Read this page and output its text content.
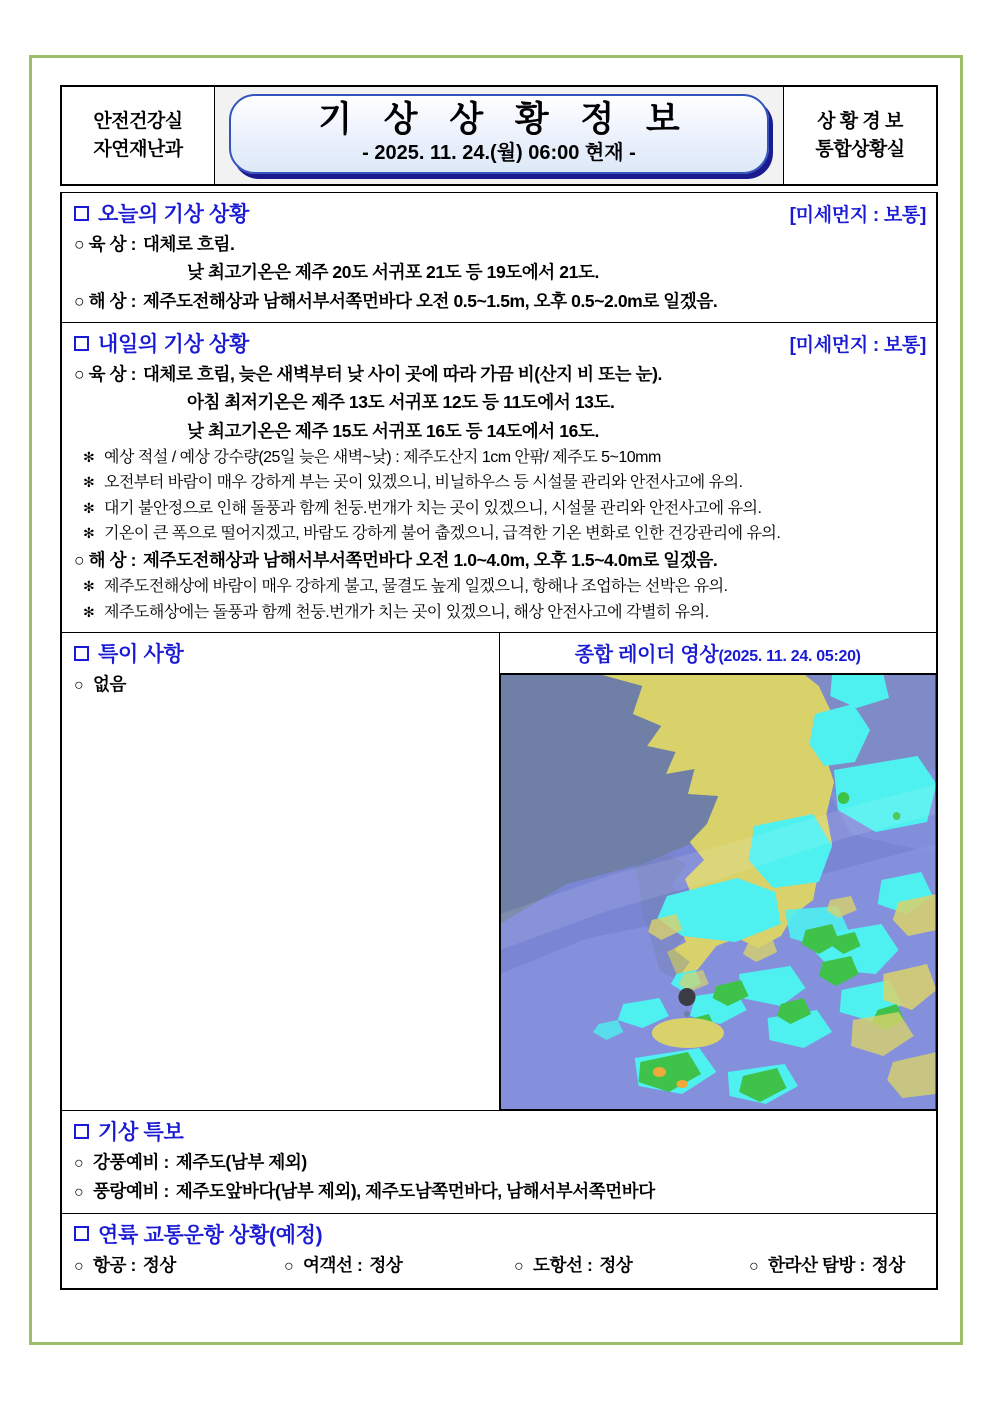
안전건강실
자연재난과

기 상 상 황 정 보
- 2025. 11. 24.(월) 06:00 현재 -
	상 황 경 보
통합상황실
오늘의 기상 상황	[미세먼지 : 보통]
○ 육 상 : 대체로 흐림.
낮 최고기온은 제주 20도 서귀포 21도 등 19도에서 21도.
○ 해 상 : 제주도전해상과 남해서부서쪽먼바다 오전 0.5~1.5m, 오후 0.5~2.0m로 일겠음.

내일의 기상 상황	[미세먼지 : 보통]
○ 육 상 : 대체로 흐림, 늦은 새벽부터 낮 사이 곳에 따라 가끔 비(산지 비 또는 눈).
아침 최저기온은 제주 13도 서귀포 12도 등 11도에서 13도.
낮 최고기온은 제주 15도 서귀포 16도 등 14도에서 16도.
✻ 예상 적설 / 예상 강수량(25일 늦은 새벽~낮) : 제주도산지 1cm 안팎/ 제주도 5~10mm
✻ 오전부터 바람이 매우 강하게 부는 곳이 있겠으니, 비닐하우스 등 시설물 관리와 안전사고에 유의.
✻ 대기 불안정으로 인해 돌풍과 함께 천둥.번개가 치는 곳이 있겠으니, 시설물 관리와 안전사고에 유의.
✻ 기온이 큰 폭으로 떨어지겠고, 바람도 강하게 불어 춥겠으니, 급격한 기온 변화로 인한 건강관리에 유의.
○ 해 상 : 제주도전해상과 남해서부서쪽먼바다 오전 1.0~4.0m, 오후 1.5~4.0m로 일겠음.
✻ 제주도전해상에 바람이 매우 강하게 불고, 물결도 높게 일겠으니, 항해나 조업하는 선박은 유의.
✻ 제주도해상에는 돌풍과 함께 천둥.번개가 치는 곳이 있겠으니, 해상 안전사고에 각별히 유의.

특이 사항
○ 없음

종합 레이더 영상(2025. 11. 24. 05:20)

기상 특보
○ 강풍예비 : 제주도(남부 제외)
○ 풍랑예비 : 제주도앞바다(남부 제외), 제주도남쪽먼바다, 남해서부서쪽먼바다

연륙 교통운항 상황(예정)
○ 항공 : 정상	○ 여객선 : 정상	○ 도항선 : 정상	○ 한라산 탐방 : 정상
